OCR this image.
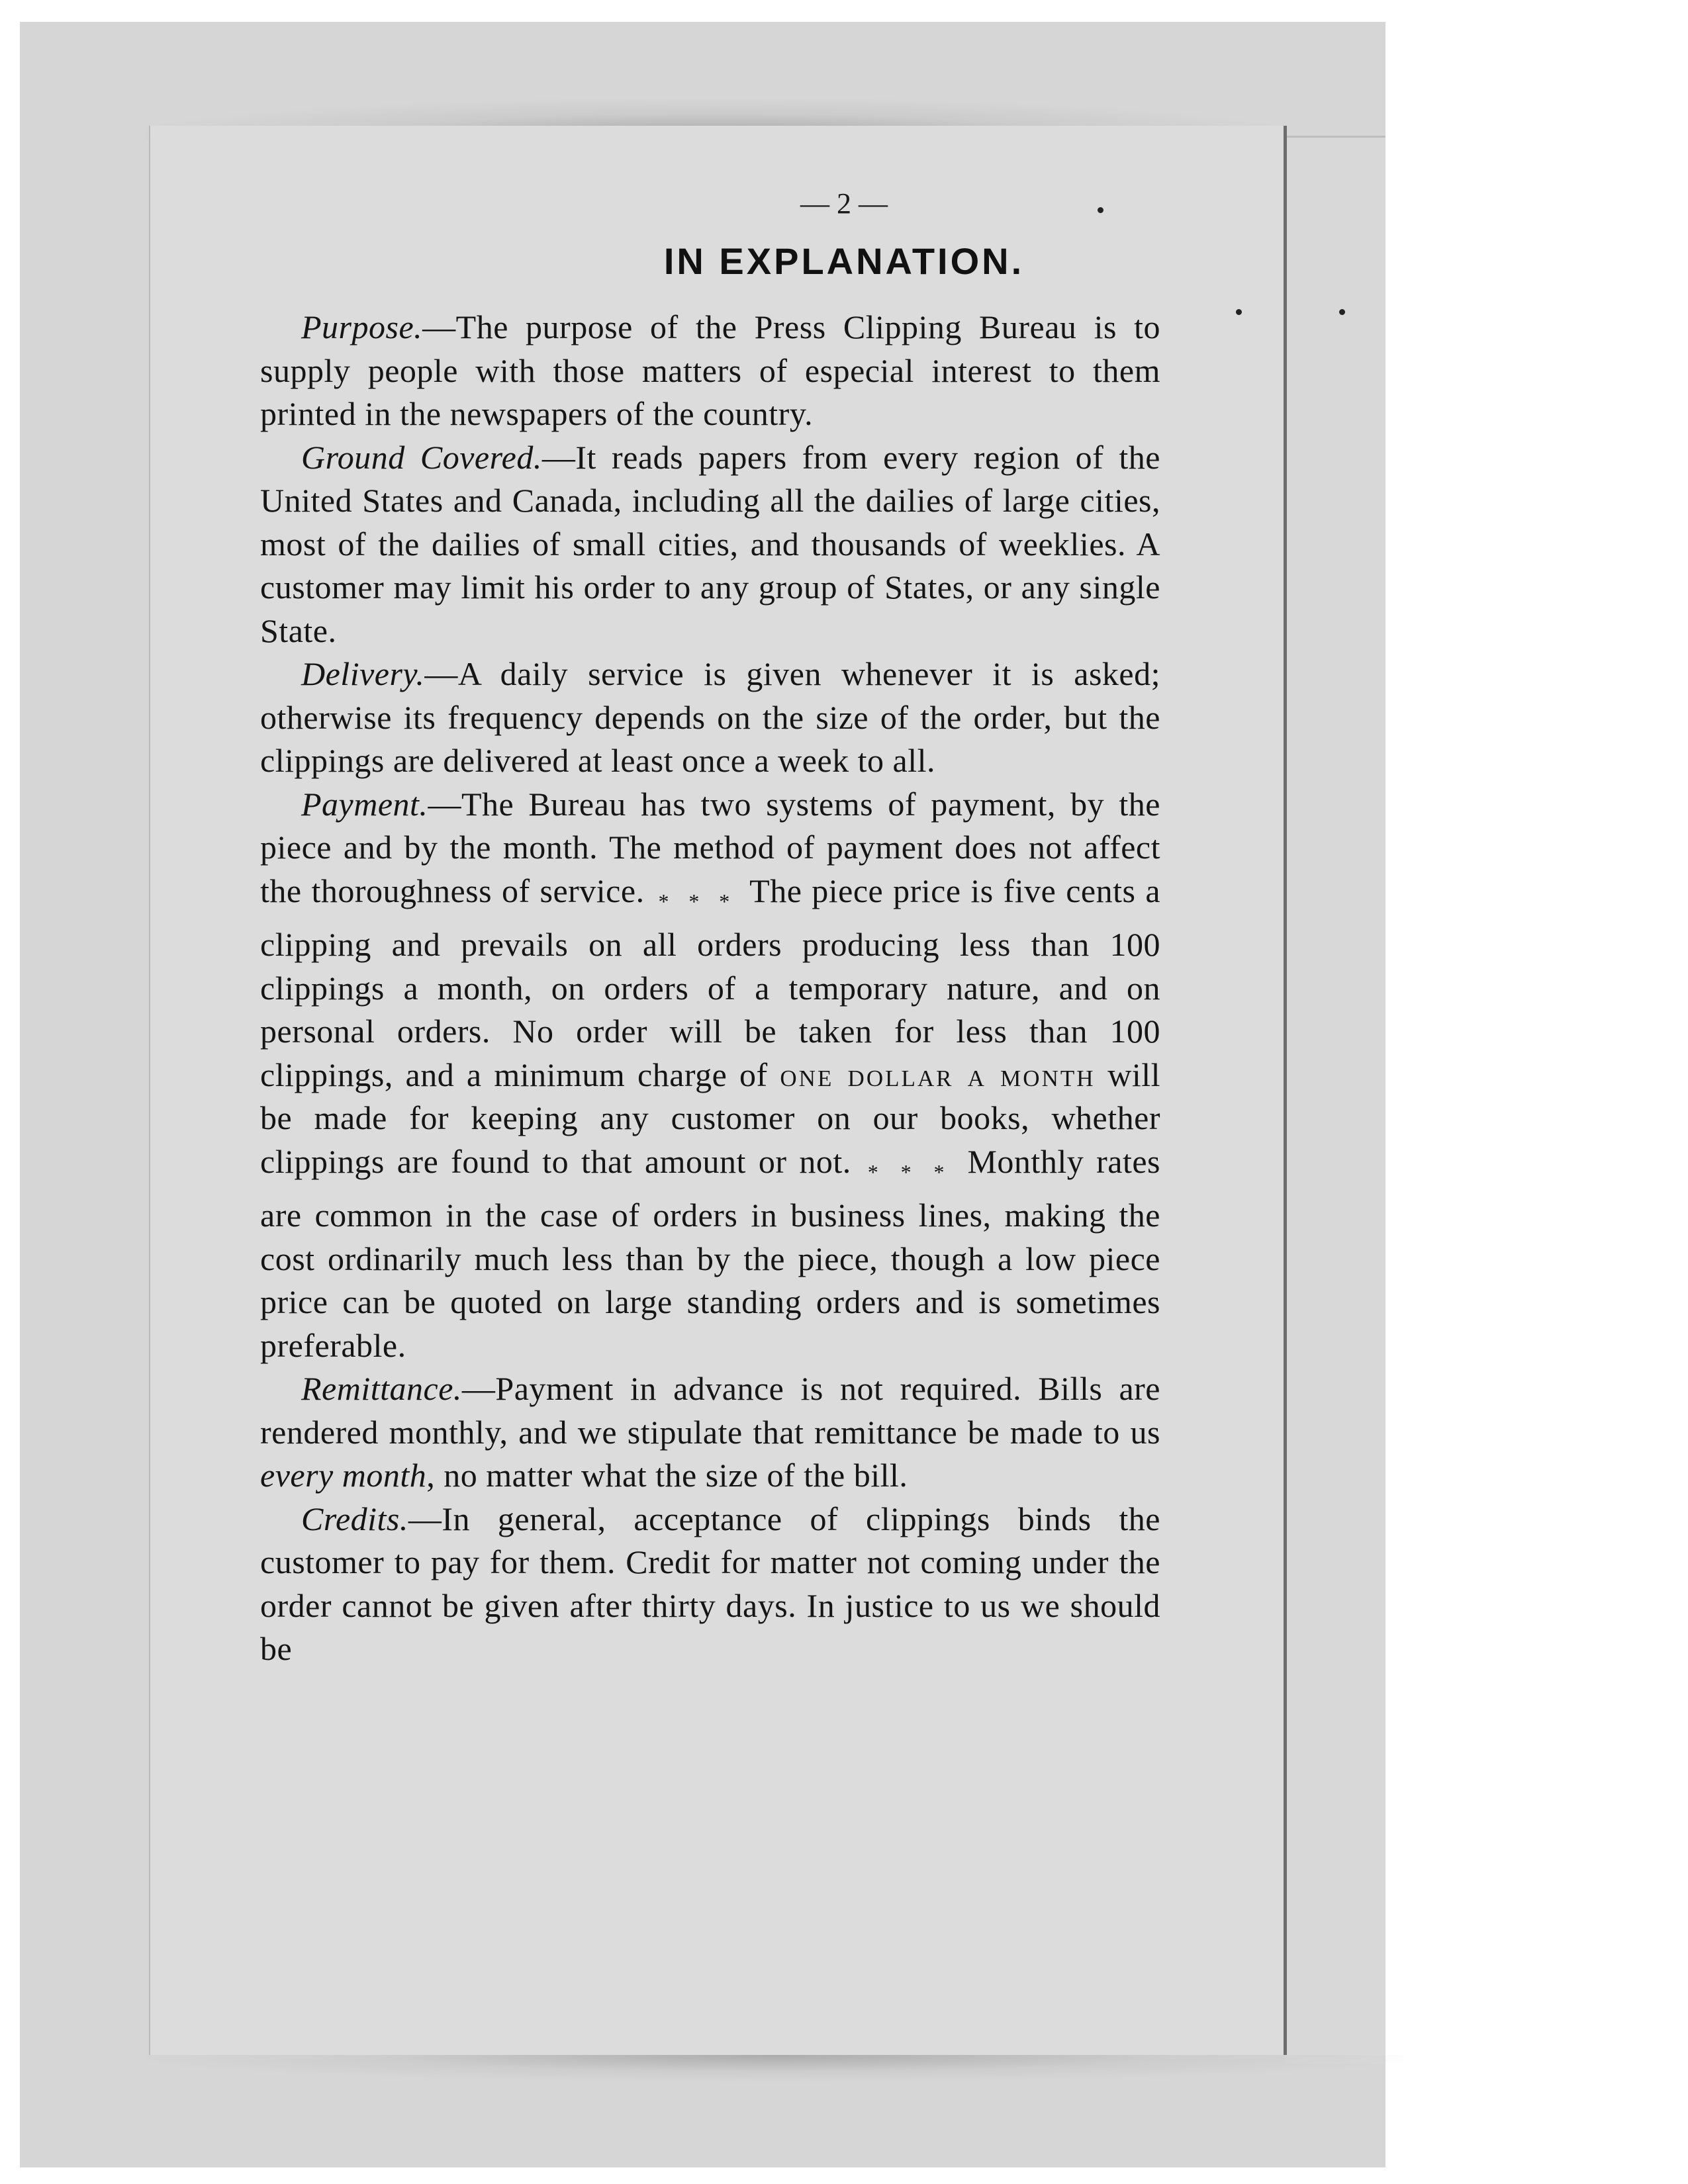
— 2 —
IN EXPLANATION.

Purpose.—The purpose of the Press Clipping Bureau is to supply people with those matters of especial interest to them printed in the newspapers of the country.

Ground Covered.—It reads papers from every region of the United States and Canada, including all the dailies of large cities, most of the dailies of small cities, and thousands of weeklies. A customer may limit his order to any group of States, or any single State.

Delivery.—A daily service is given whenever it is asked; otherwise its frequency depends on the size of the order, but the clippings are delivered at least once a week to all.

Payment.—The Bureau has two systems of payment, by the piece and by the month. The method of payment does not affect the thoroughness of service. $_{* * *}$ The piece price is five cents a clipping and prevails on all orders producing less than 100 clippings a month, on orders of a temporary nature, and on personal orders. No order will be taken for less than 100 clippings, and a minimum charge of one dollar a month will be made for keeping any customer on our books, whether clippings are found to that amount or not. $_{* * *}$ Monthly rates are common in the case of orders in business lines, making the cost ordinarily much less than by the piece, though a low piece price can be quoted on large standing orders and is sometimes preferable.

Remittance.—Payment in advance is not required. Bills are rendered monthly, and we stipulate that remittance be made to us every month, no matter what the size of the bill.

Credits.—In general, acceptance of clippings binds the customer to pay for them. Credit for matter not coming under the order cannot be given after thirty days. In justice to us we should be
